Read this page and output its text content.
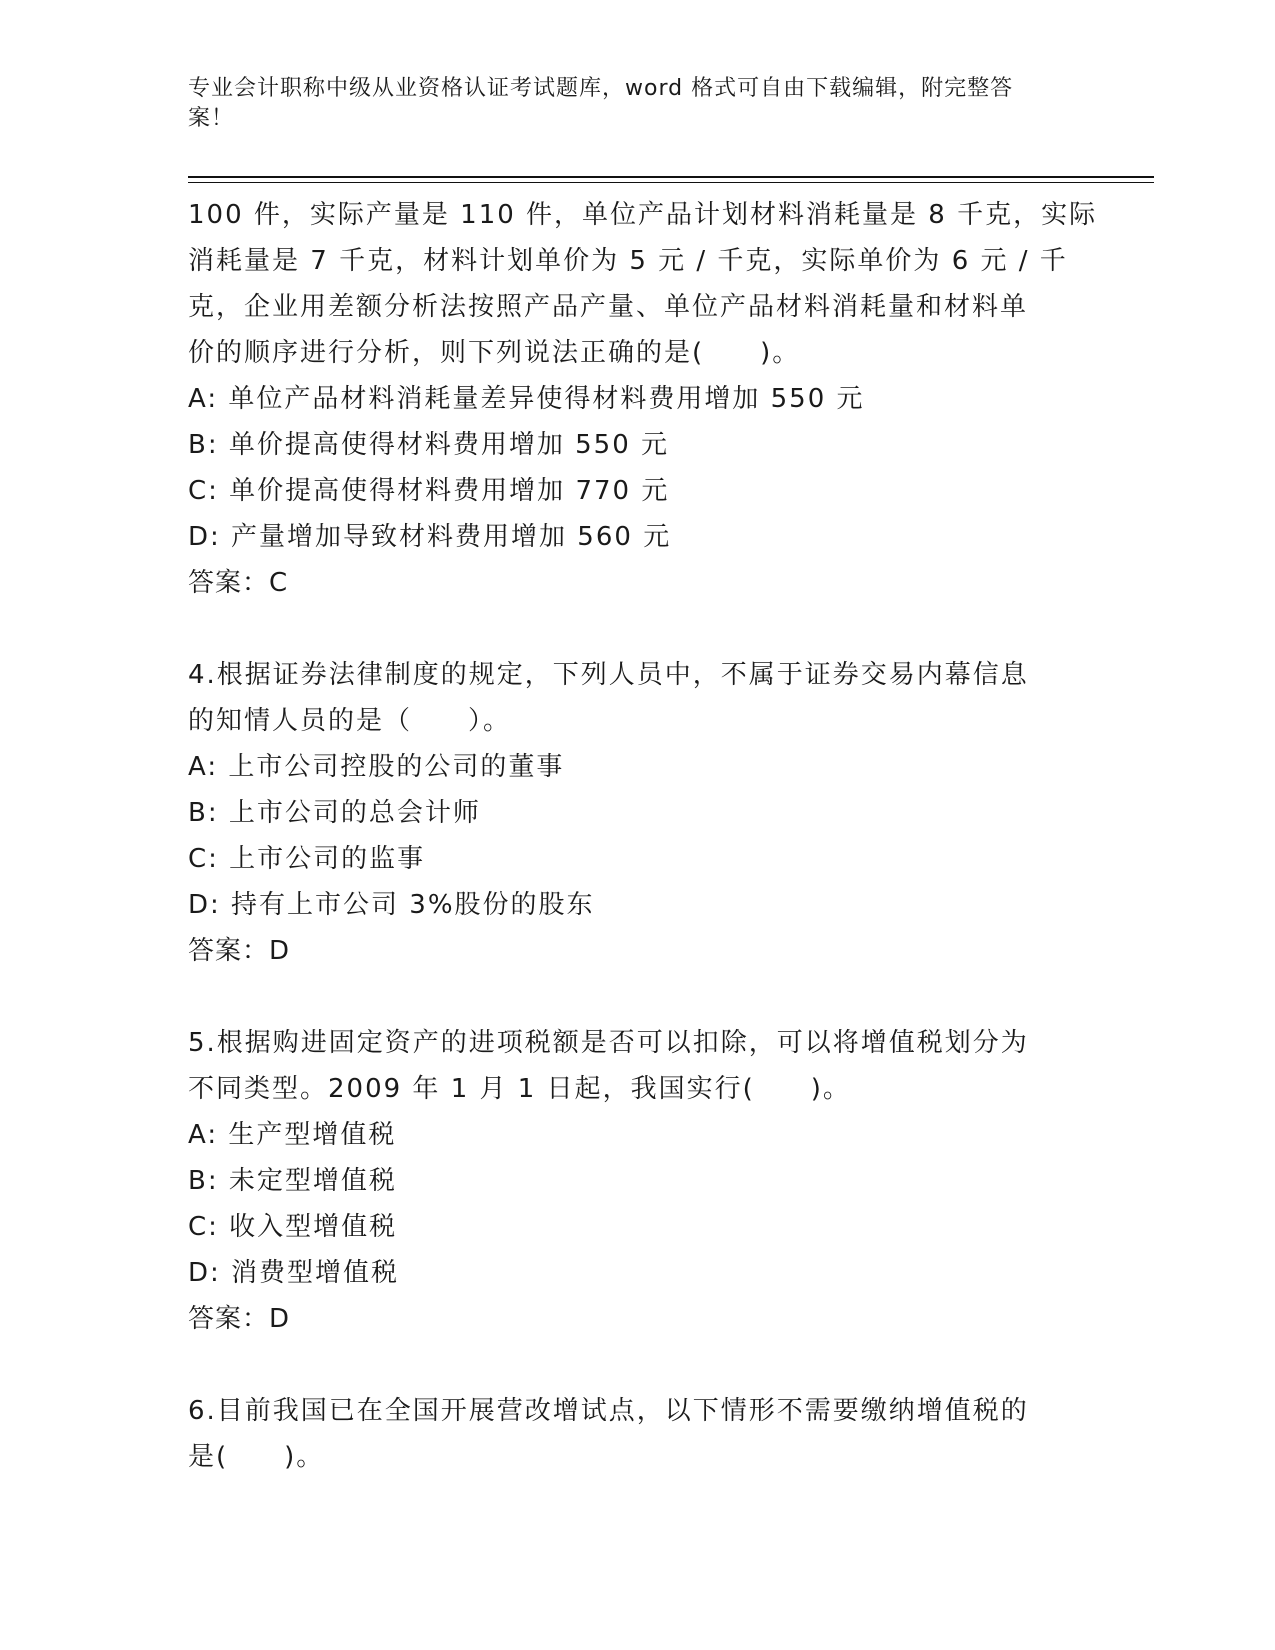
专业会计职称中级从业资格认证考试题库，word 格式可自由下载编辑，附完整答
案！
100 件，实际产量是 110 件，单位产品计划材料消耗量是 8 千克，实际
消耗量是 7 千克，材料计划单价为 5 元 / 千克，实际单价为 6 元 / 千
克，企业用差额分析法按照产品产量、单位产品材料消耗量和材料单
价的顺序进行分析，则下列说法正确的是(　　)。
A: 单位产品材料消耗量差异使得材料费用增加 550 元
B: 单价提高使得材料费用增加 550 元
C: 单价提高使得材料费用增加 770 元
D: 产量增加导致材料费用增加 560 元
答案：C
4.根据证券法律制度的规定，下列人员中，不属于证券交易内幕信息
的知情人员的是（　　）。
A: 上市公司控股的公司的董事
B: 上市公司的总会计师
C: 上市公司的监事
D: 持有上市公司 3%股份的股东
答案：D
5.根据购进固定资产的进项税额是否可以扣除，可以将增值税划分为
不同类型。2009 年 1 月 1 日起，我国实行(　　)。
A: 生产型增值税
B: 未定型增值税
C: 收入型增值税
D: 消费型增值税
答案：D
6.目前我国已在全国开展营改增试点，以下情形不需要缴纳增值税的
是(　　)。
